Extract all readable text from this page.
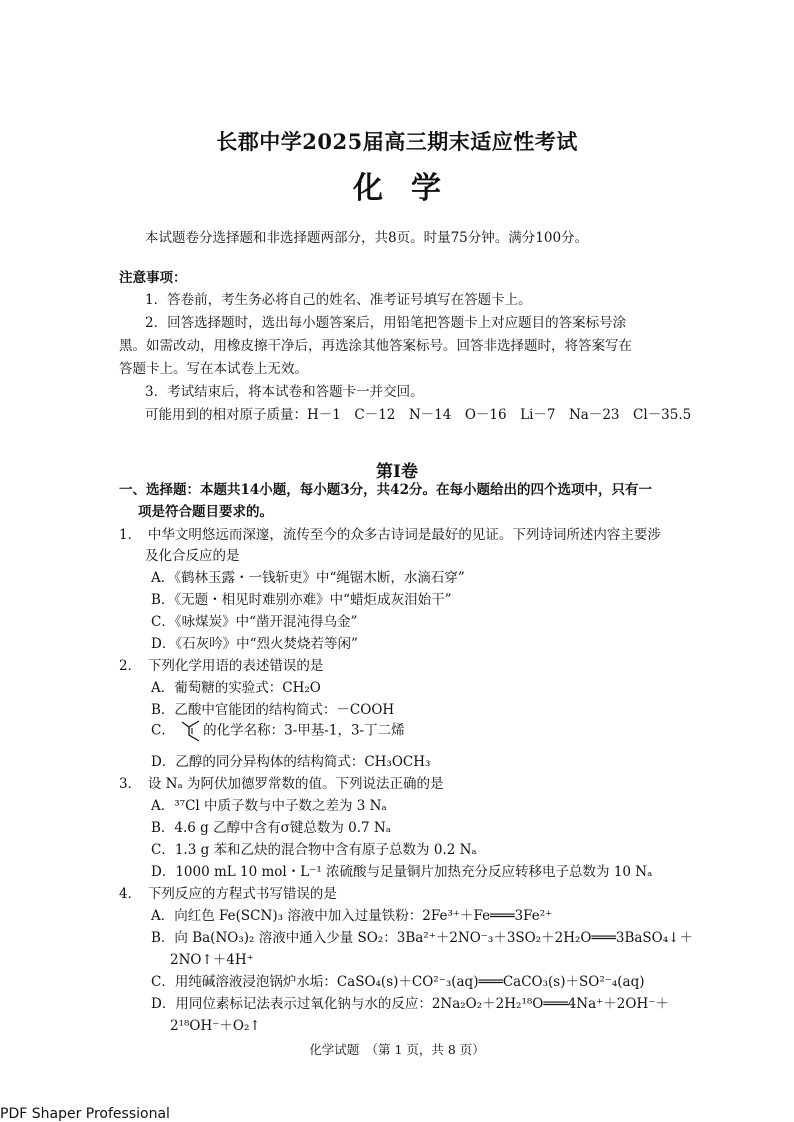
长郡中学2025届高三期末适应性考试
化学
本试题卷分选择题和非选择题两部分，共8页。时量75分钟。满分100分。
注意事项：
1．答卷前，考生务必将自己的姓名、准考证号填写在答题卡上。
2．回答选择题时，选出每小题答案后，用铅笔把答题卡上对应题目的答案标号涂
黑。如需改动，用橡皮擦干净后，再选涂其他答案标号。回答非选择题时，将答案写在
答题卡上。写在本试卷上无效。
3．考试结束后，将本试卷和答题卡一并交回。
可能用到的相对原子质量：H－1　C－12　N－14　O－16　Li－7　Na－23　Cl－35.5
第Ⅰ卷
一、选择题：本题共14小题，每小题3分，共42分。在每小题给出的四个选项中，只有一
项是符合题目要求的。
1．　中华文明悠远而深邃，流传至今的众多古诗词是最好的见证。下列诗词所述内容主要涉
及化合反应的是
A．《鹤林玉露・一钱斩吏》中“绳锯木断，水滴石穿”
B．《无题・相见时难别亦难》中“蜡炬成灰泪始干”
C．《咏煤炭》中“凿开混沌得乌金”
D．《石灰吟》中“烈火焚烧若等闲”
2．　下列化学用语的表述错误的是
A．葡萄糖的实验式：CH₂O
B．乙酸中官能团的结构简式：－COOH
C． 的化学名称：3-甲基-1，3-丁二烯
D．乙醇的同分异构体的结构简式：CH₃OCH₃
3．　设 Nₐ 为阿伏加德罗常数的值。下列说法正确的是
A．³⁷Cl 中质子数与中子数之差为 3 Nₐ
B．4.6 g 乙醇中含有σ键总数为 0.7 Nₐ
C．1.3 g 苯和乙炔的混合物中含有原子总数为 0.2 Nₐ
D．1000 mL 10 mol・L⁻¹ 浓硫酸与足量铜片加热充分反应转移电子总数为 10 Nₐ
4．　下列反应的方程式书写错误的是
A．向红色 Fe(SCN)₃ 溶液中加入过量铁粉：2Fe³⁺＋Fe═══3Fe²⁺
B．向 Ba(NO₃)₂ 溶液中通入少量 SO₂：3Ba²⁺＋2NO⁻₃＋3SO₂＋2H₂O═══3BaSO₄↓＋
2NO↑＋4H⁺
C．用纯碱溶液浸泡锅炉水垢：CaSO₄(s)＋CO²⁻₃(aq)═══CaCO₃(s)＋SO²⁻₄(aq)
D．用同位素标记法表示过氧化钠与水的反应：2Na₂O₂＋2H₂¹⁸O═══4Na⁺＋2OH⁻＋
2¹⁸OH⁻＋O₂↑
化学试题　（第 1 页，共 8 页）
PDF Shaper Professional
